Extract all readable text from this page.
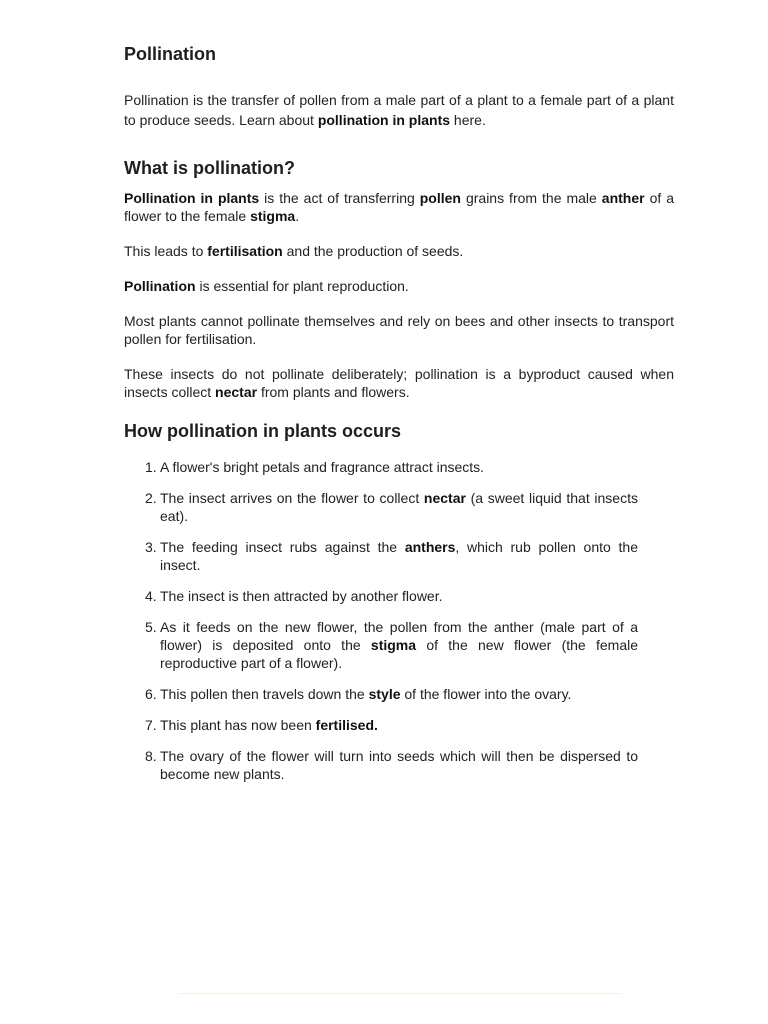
Pollination

Pollination is the transfer of pollen from a male part of a plant to a female part of a plant to produce seeds. Learn about pollination in plants here.

What is pollination?

Pollination in plants is the act of transferring pollen grains from the male anther of a flower to the female stigma.

This leads to fertilisation and the production of seeds.

Pollination is essential for plant reproduction.

Most plants cannot pollinate themselves and rely on bees and other insects to transport pollen for fertilisation.

These insects do not pollinate deliberately; pollination is a byproduct caused when insects collect nectar from plants and flowers.

How pollination in plants occurs
1. A flower's bright petals and fragrance attract insects.
2. The insect arrives on the flower to collect nectar (a sweet liquid that insects eat).
3. The feeding insect rubs against the anthers, which rub pollen onto the insect.
4. The insect is then attracted by another flower.
5. As it feeds on the new flower, the pollen from the anther (male part of a flower) is deposited onto the stigma of the new flower (the female reproductive part of a flower).
6. This pollen then travels down the style of the flower into the ovary.
7. This plant has now been fertilised.
8. The ovary of the flower will turn into seeds which will then be dispersed to become new plants.
